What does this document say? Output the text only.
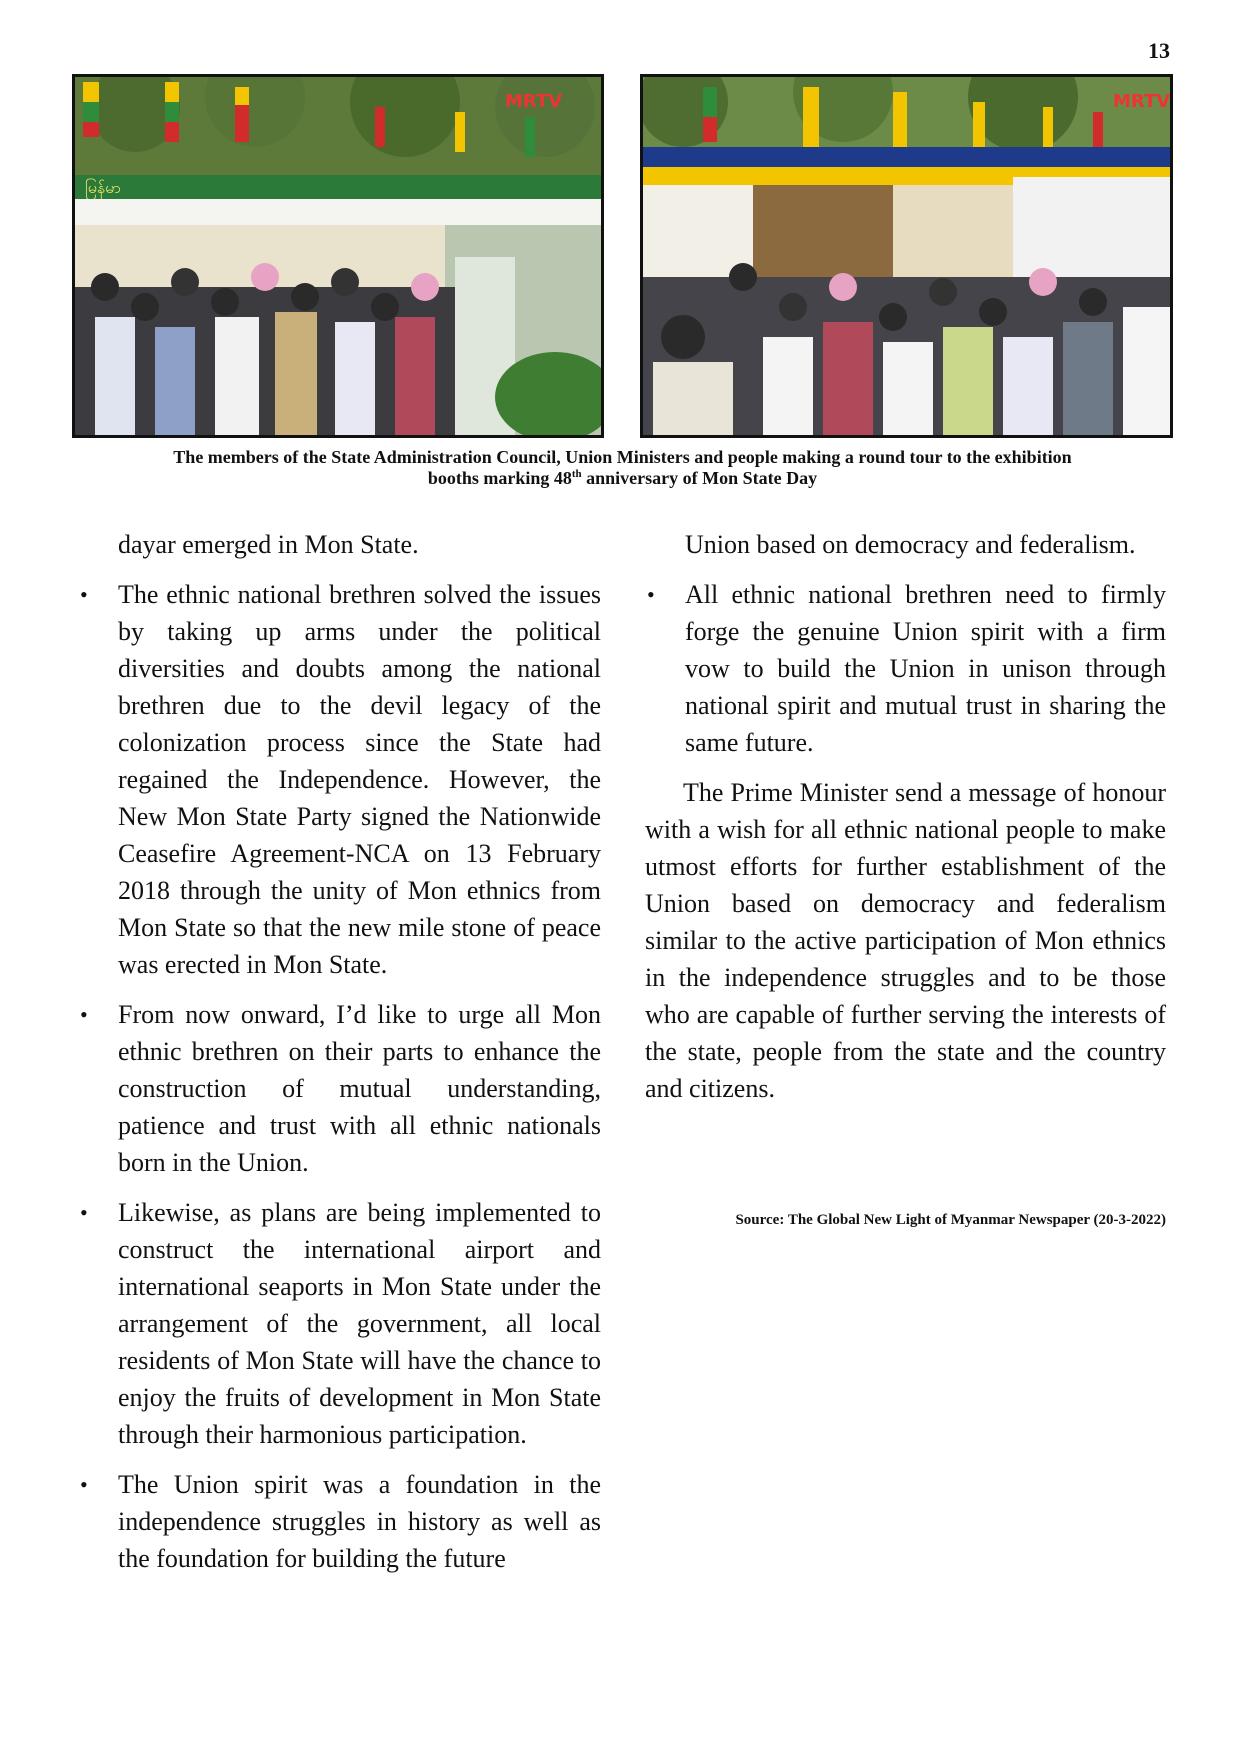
13
မြန်မာ
MRTV	MRTV
The members of the State Administration Council, Union Ministers and people making a round tour to the exhibition
booths marking 48th anniversary of Mon State Day

dayar emerged in Mon State.

• The ethnic national brethren solved the issues by taking up arms under the political diversities and doubts among the national brethren due to the devil legacy of the colonization process since the State had regained the Independence. However, the New Mon State Party signed the Nationwide Ceasefire Agreement-NCA on 13 February 2018 through the unity of Mon ethnics from Mon State so that the new mile stone of peace was erected in Mon State.
• From now onward, I’d like to urge all Mon ethnic brethren on their parts to enhance the construction of mutual understanding, patience and trust with all ethnic nationals born in the Union.
• Likewise, as plans are being implemented to construct the international airport and international seaports in Mon State under the arrangement of the government, all local residents of Mon State will have the chance to enjoy the fruits of development in Mon State through their harmonious participation.
• The Union spirit was a foundation in the independence struggles in history as well as the foundation for building the future

Union based on democracy and federalism.

• All ethnic national brethren need to firmly forge the genuine Union spirit with a firm vow to build the Union in unison through national spirit and mutual trust in sharing the same future.

The Prime Minister send a message of honour with a wish for all ethnic national people to make utmost efforts for further establishment of the Union based on democracy and federalism similar to the active participation of Mon ethnics in the independence struggles and to be those who are capable of further serving the interests of the state, people from the state and the country and citizens.

Source: The Global New Light of Myanmar Newspaper (20-3-2022)
